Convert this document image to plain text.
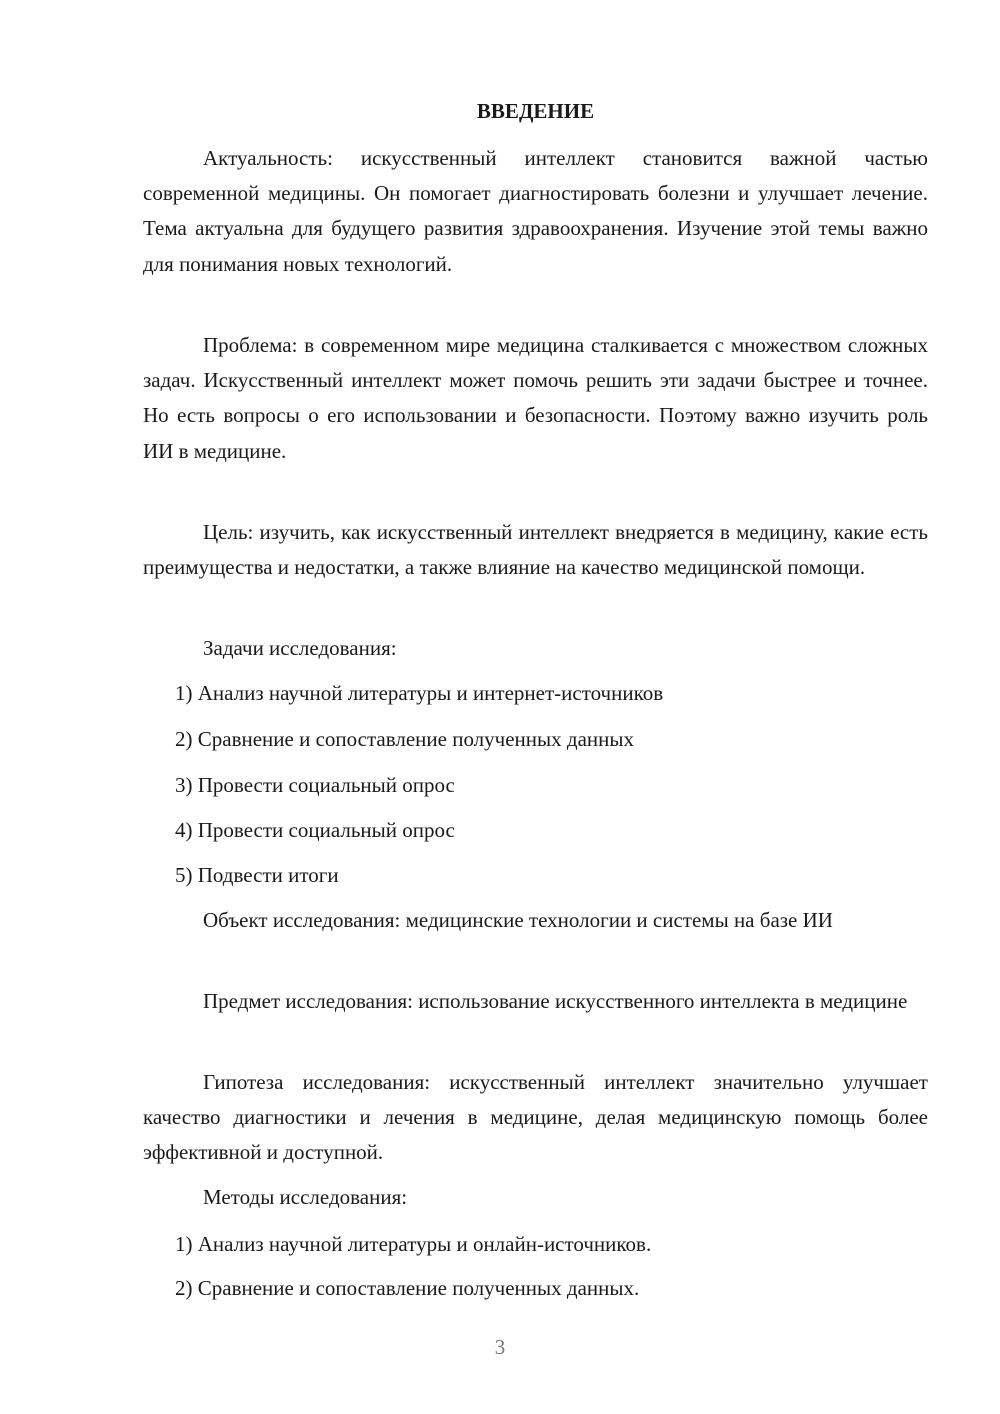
ВВЕДЕНИЕ

Актуальность: искусственный интеллект становится важной частью современной медицины. Он помогает диагностировать болезни и улучшает лечение. Тема актуальна для будущего развития здравоохранения. Изучение этой темы важно для понимания новых технологий.

Проблема: в современном мире медицина сталкивается с множеством сложных задач. Искусственный интеллект может помочь решить эти задачи быстрее и точнее. Но есть вопросы о его использовании и безопасности. Поэтому важно изучить роль ИИ в медицине.

Цель: изучить, как искусственный интеллект внедряется в медицину, какие есть преимущества и недостатки, а также влияние на качество медицинской помощи.

Задачи исследования:

1) Анализ научной литературы и интернет-источников

2) Сравнение и сопоставление полученных данных

3) Провести социальный опрос

4) Провести социальный опрос

5) Подвести итоги

Объект исследования: медицинские технологии и системы на базе ИИ

Предмет исследования: использование искусственного интеллекта в медицине

Гипотеза исследования: искусственный интеллект значительно улучшает качество диагностики и лечения в медицине, делая медицинскую помощь более эффективной и доступной.

Методы исследования:

1) Анализ научной литературы и онлайн-источников.

2) Сравнение и сопоставление полученных данных.

3
